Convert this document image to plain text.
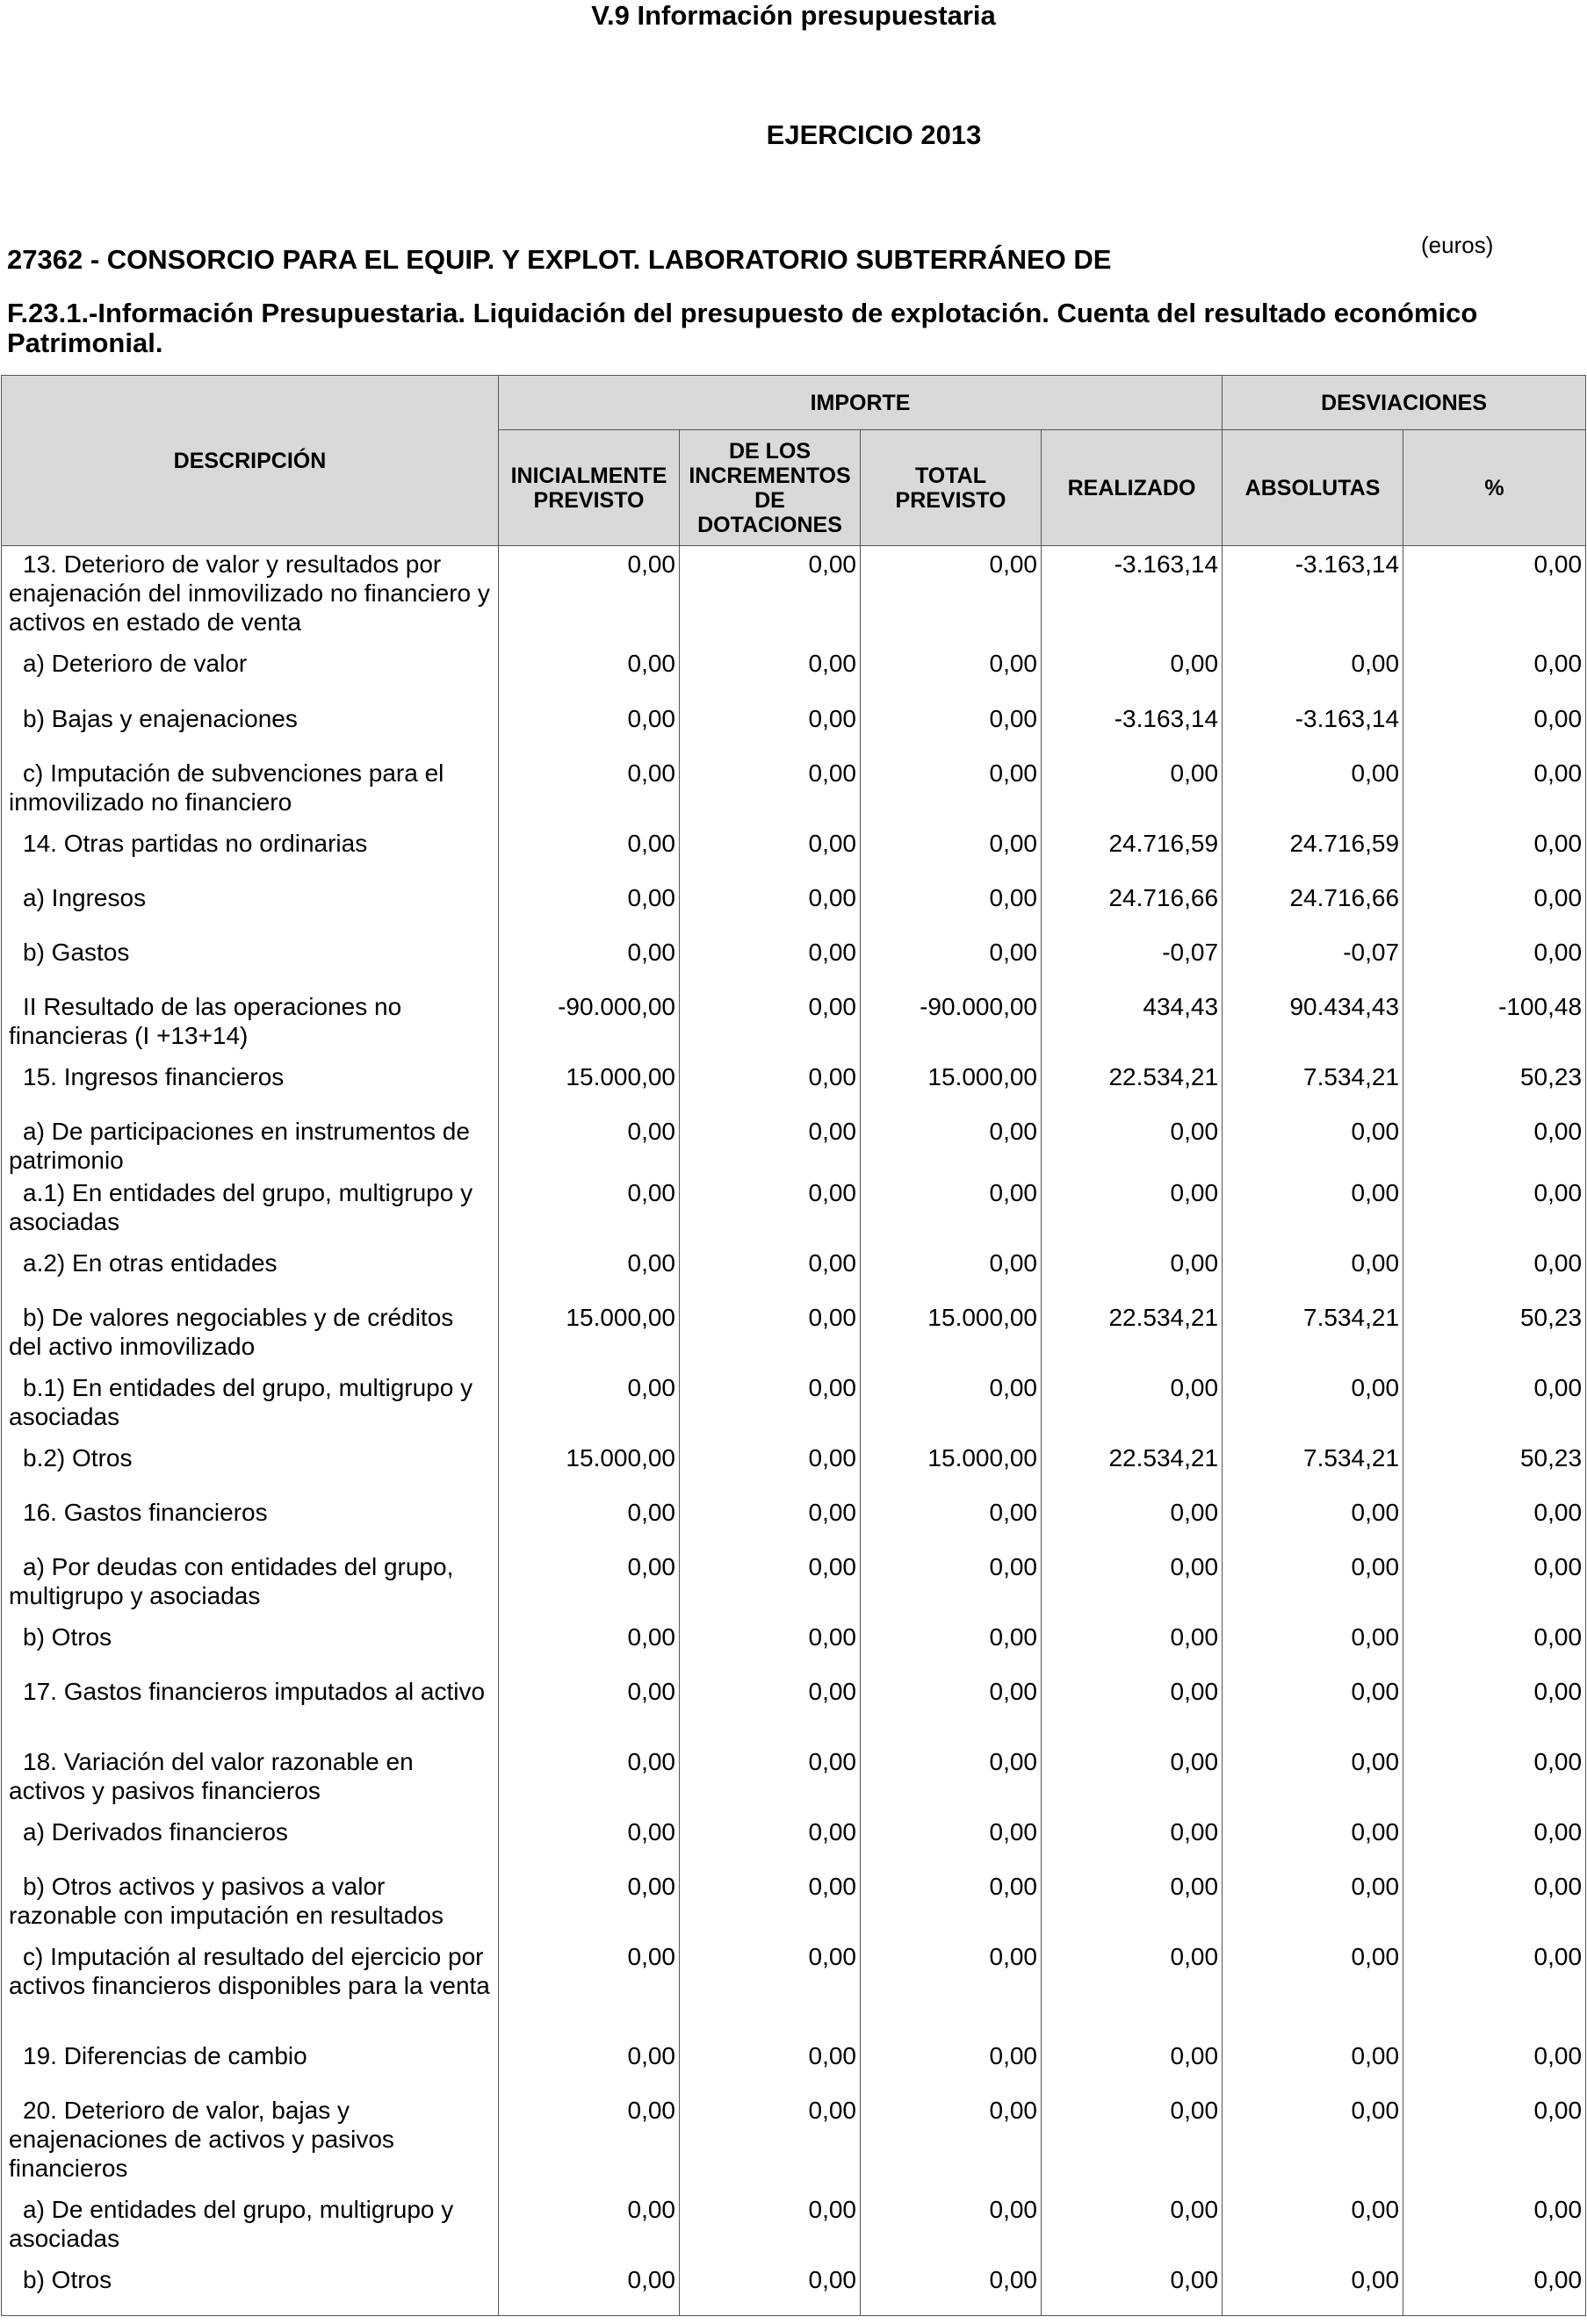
V.9 Información presupuestaria
EJERCICIO 2013
(euros)
27362 - CONSORCIO PARA EL EQUIP. Y EXPLOT. LABORATORIO SUBTERRÁNEO DE
F.23.1.-Información Presupuestaria. Liquidación del presupuesto de explotación. Cuenta del resultado económico Patrimonial.
DESCRIPCIÓN	IMPORTE				DESVIACIONES	
	INICIALMENTE PREVISTO	DE LOS INCREMENTOS DE DOTACIONES	TOTAL PREVISTO	REALIZADO	ABSOLUTAS	%
13. Deterioro de valor y resultados por enajenación del inmovilizado no financiero y activos en estado de venta	0,00	0,00	0,00	-3.163,14	-3.163,14	0,00
a) Deterioro de valor	0,00	0,00	0,00	0,00	0,00	0,00
b) Bajas y enajenaciones	0,00	0,00	0,00	-3.163,14	-3.163,14	0,00
c) Imputación de subvenciones para el inmovilizado no financiero	0,00	0,00	0,00	0,00	0,00	0,00
14. Otras partidas no ordinarias	0,00	0,00	0,00	24.716,59	24.716,59	0,00
a) Ingresos	0,00	0,00	0,00	24.716,66	24.716,66	0,00
b) Gastos	0,00	0,00	0,00	-0,07	-0,07	0,00
II Resultado de las operaciones no financieras (I +13+14)	-90.000,00	0,00	-90.000,00	434,43	90.434,43	-100,48
15. Ingresos financieros	15.000,00	0,00	15.000,00	22.534,21	7.534,21	50,23
a) De participaciones en instrumentos de patrimonio	0,00	0,00	0,00	0,00	0,00	0,00
a.1) En entidades del grupo, multigrupo y asociadas	0,00	0,00	0,00	0,00	0,00	0,00
a.2) En otras entidades	0,00	0,00	0,00	0,00	0,00	0,00
b) De valores negociables y de créditos del activo inmovilizado	15.000,00	0,00	15.000,00	22.534,21	7.534,21	50,23
b.1) En entidades del grupo, multigrupo y asociadas	0,00	0,00	0,00	0,00	0,00	0,00
b.2) Otros	15.000,00	0,00	15.000,00	22.534,21	7.534,21	50,23
16. Gastos financieros	0,00	0,00	0,00	0,00	0,00	0,00
a) Por deudas con entidades del grupo, multigrupo y asociadas	0,00	0,00	0,00	0,00	0,00	0,00
b) Otros	0,00	0,00	0,00	0,00	0,00	0,00
17. Gastos financieros imputados al activo	0,00	0,00	0,00	0,00	0,00	0,00
18. Variación del valor razonable en activos y pasivos financieros	0,00	0,00	0,00	0,00	0,00	0,00
a) Derivados financieros	0,00	0,00	0,00	0,00	0,00	0,00
b) Otros activos y pasivos a valor razonable con imputación en resultados	0,00	0,00	0,00	0,00	0,00	0,00
c) Imputación al resultado del ejercicio por activos financieros disponibles para la venta	0,00	0,00	0,00	0,00	0,00	0,00
19. Diferencias de cambio	0,00	0,00	0,00	0,00	0,00	0,00
20. Deterioro de valor, bajas y enajenaciones de activos y pasivos financieros	0,00	0,00	0,00	0,00	0,00	0,00
a) De entidades del grupo, multigrupo y asociadas	0,00	0,00	0,00	0,00	0,00	0,00
b) Otros	0,00	0,00	0,00	0,00	0,00	0,00
